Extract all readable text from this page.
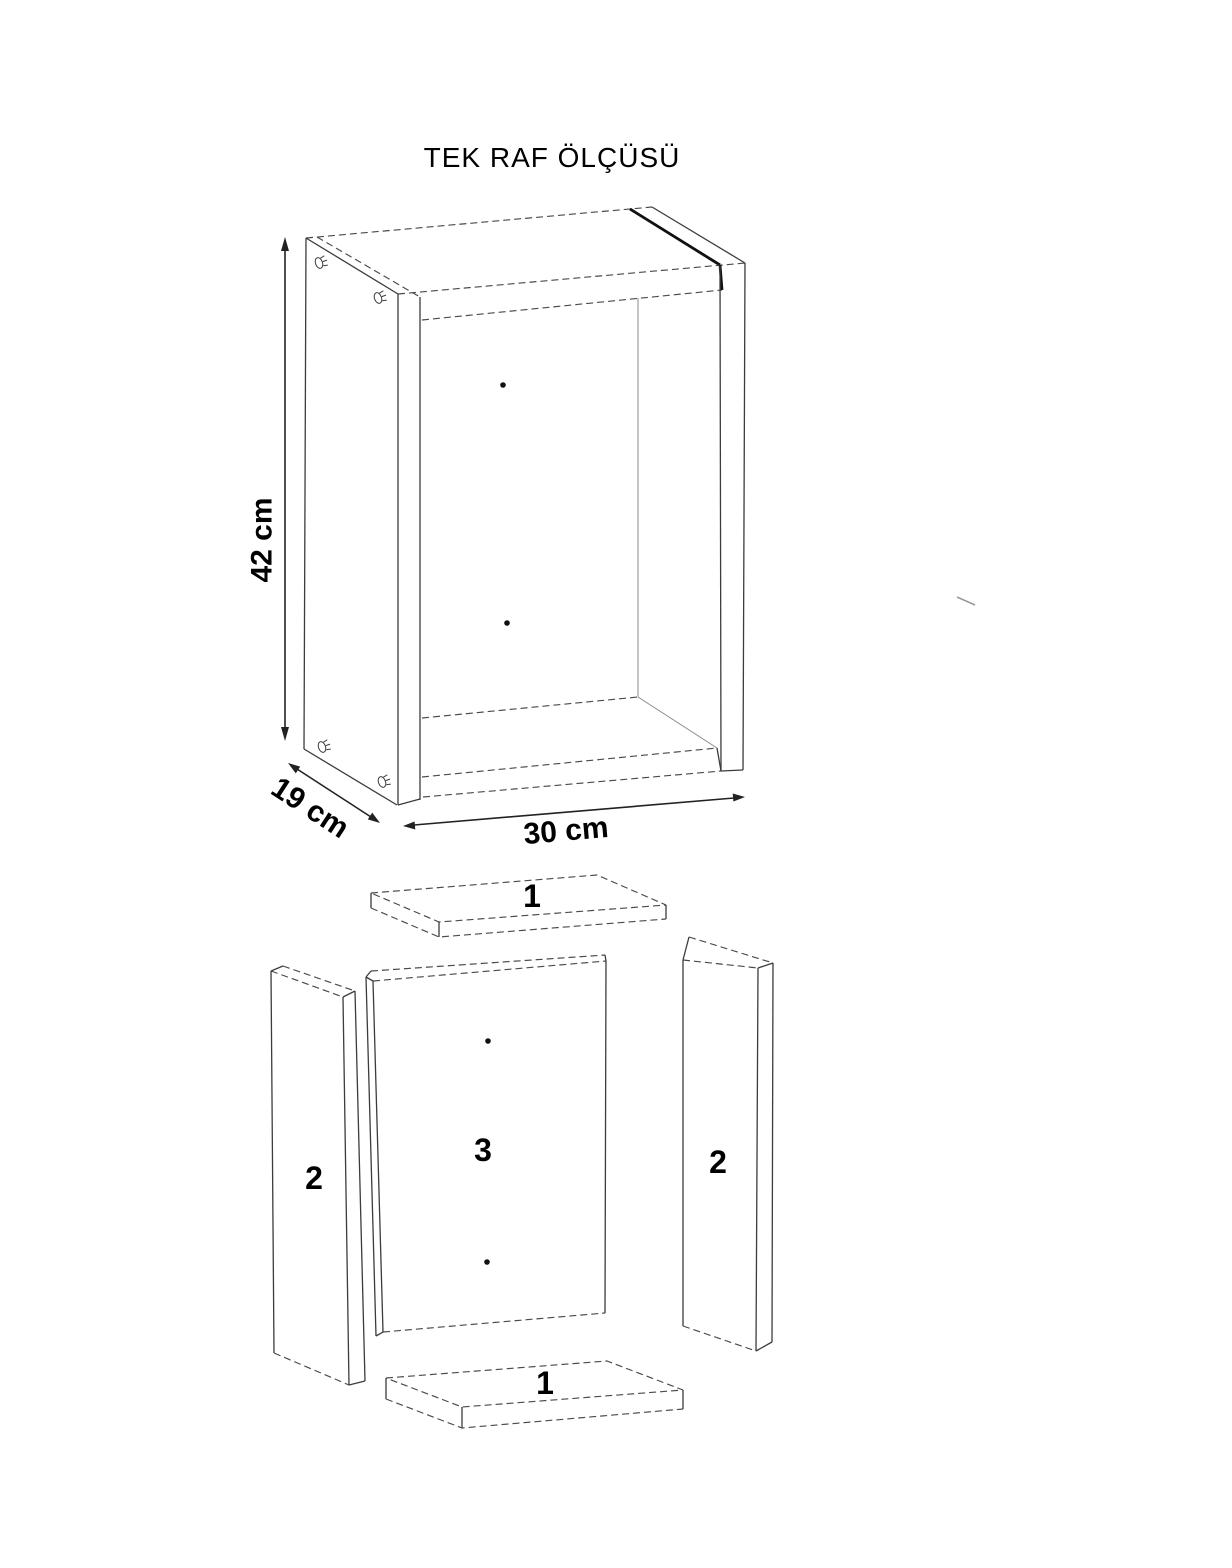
TEK RAF ÖLÇÜSÜ
42 cm
19 cm	30 cm
1
2
3	2
1
